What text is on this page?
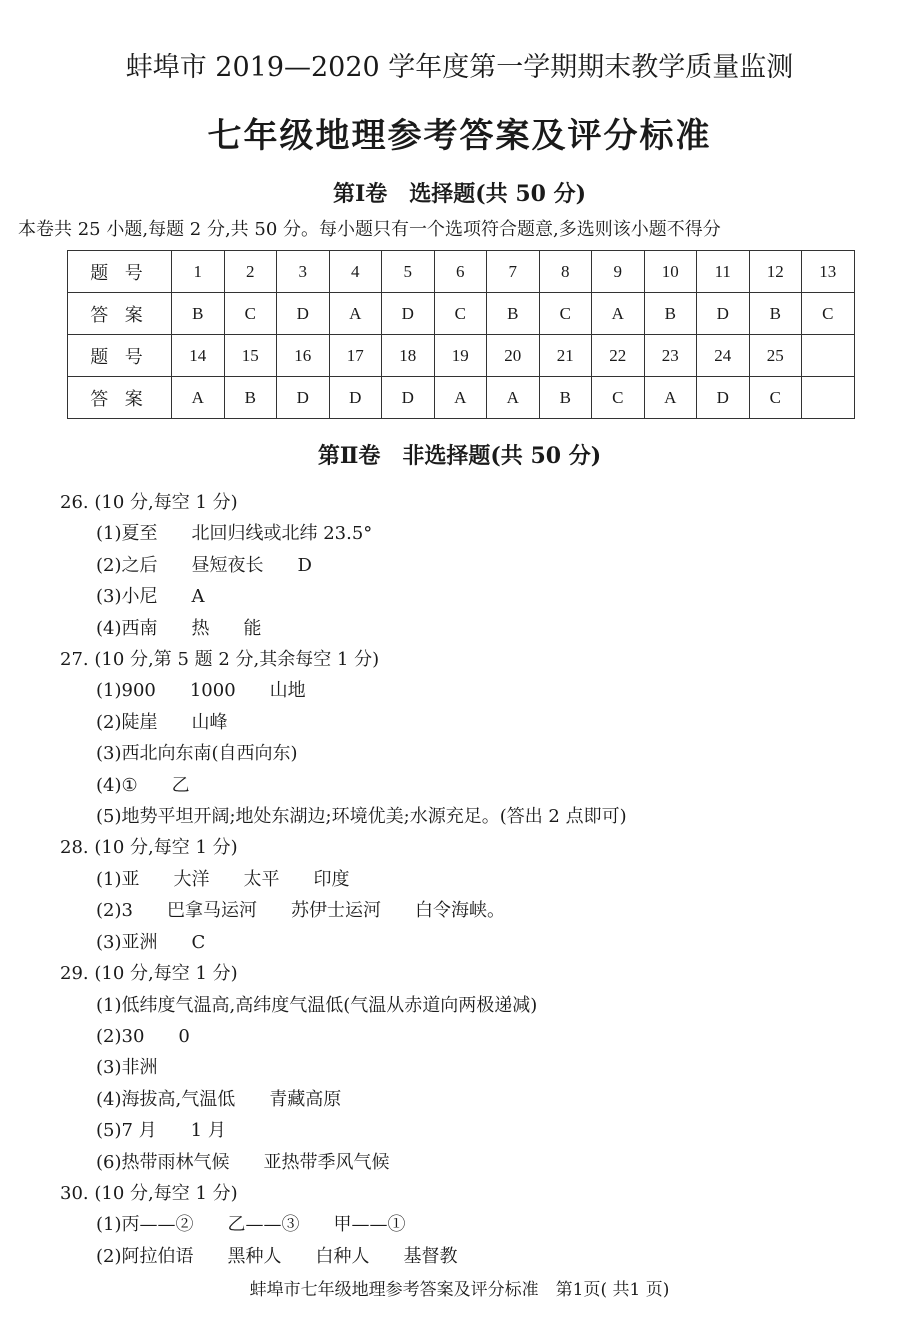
蚌埠市 2019—2020 学年度第一学期期末教学质量监测
七年级地理参考答案及评分标准
第Ⅰ卷　选择题(共 50 分)
本卷共 25 小题,每题 2 分,共 50 分。每小题只有一个选项符合题意,多选则该小题不得分
题 号	1	2	3	4	5	6	7	8	9	10	11	12	13
答 案	B	C	D	A	D	C	B	C	A	B	D	B	C
题 号	14	15	16	17	18	19	20	21	22	23	24	25	
答 案	A	B	D	D	D	A	A	B	C	A	D	C	
第Ⅱ卷　非选择题(共 50 分)
26. (10 分,每空 1 分)
(1)夏至 北回归线或北纬 23.5°
(2)之后 昼短夜长 D
(3)小尼 A
(4)西南 热 能
27. (10 分,第 5 题 2 分,其余每空 1 分)
(1)900 1000 山地
(2)陡崖 山峰
(3)西北向东南(自西向东)
(4)① 乙
(5)地势平坦开阔;地处东湖边;环境优美;水源充足。(答出 2 点即可)
28. (10 分,每空 1 分)
(1)亚 大洋 太平 印度
(2)3 巴拿马运河 苏伊士运河 白令海峡。
(3)亚洲 C
29. (10 分,每空 1 分)
(1)低纬度气温高,高纬度气温低(气温从赤道向两极递减)
(2)30 0
(3)非洲
(4)海拔高,气温低 青藏高原
(5)7 月 1 月
(6)热带雨林气候 亚热带季风气候
30. (10 分,每空 1 分)
(1)丙——② 乙——③ 甲——①
(2)阿拉伯语 黑种人 白种人 基督教
蚌埠市七年级地理参考答案及评分标准　第1页( 共1 页)
